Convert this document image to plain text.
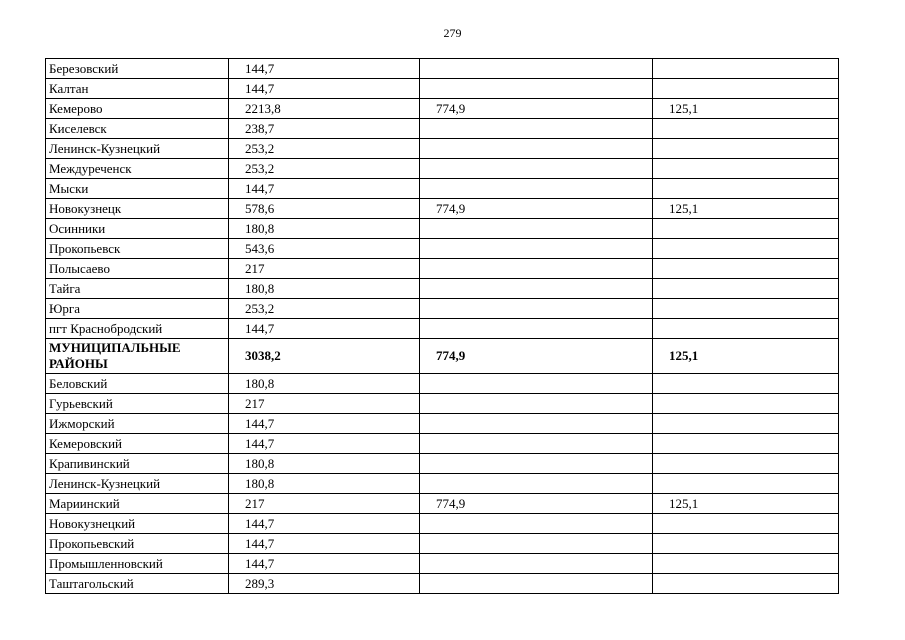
279
Березовский	144,7		
Калтан	144,7		
Кемерово	2213,8	774,9	125,1
Киселевск	238,7		
Ленинск-Кузнецкий	253,2		
Междуреченск	253,2		
Мыски	144,7		
Новокузнецк	578,6	774,9	125,1
Осинники	180,8		
Прокопьевск	543,6		
Полысаево	217		
Тайга	180,8		
Юрга	253,2		
пгт Краснобродский	144,7		
МУНИЦИПАЛЬНЫЕ РАЙОНЫ	3038,2	774,9	125,1
Беловский	180,8		
Гурьевский	217		
Ижморский	144,7		
Кемеровский	144,7		
Крапивинский	180,8		
Ленинск-Кузнецкий	180,8		
Мариинский	217	774,9	125,1
Новокузнецкий	144,7		
Прокопьевский	144,7		
Промышленновский	144,7		
Таштагольский	289,3		
